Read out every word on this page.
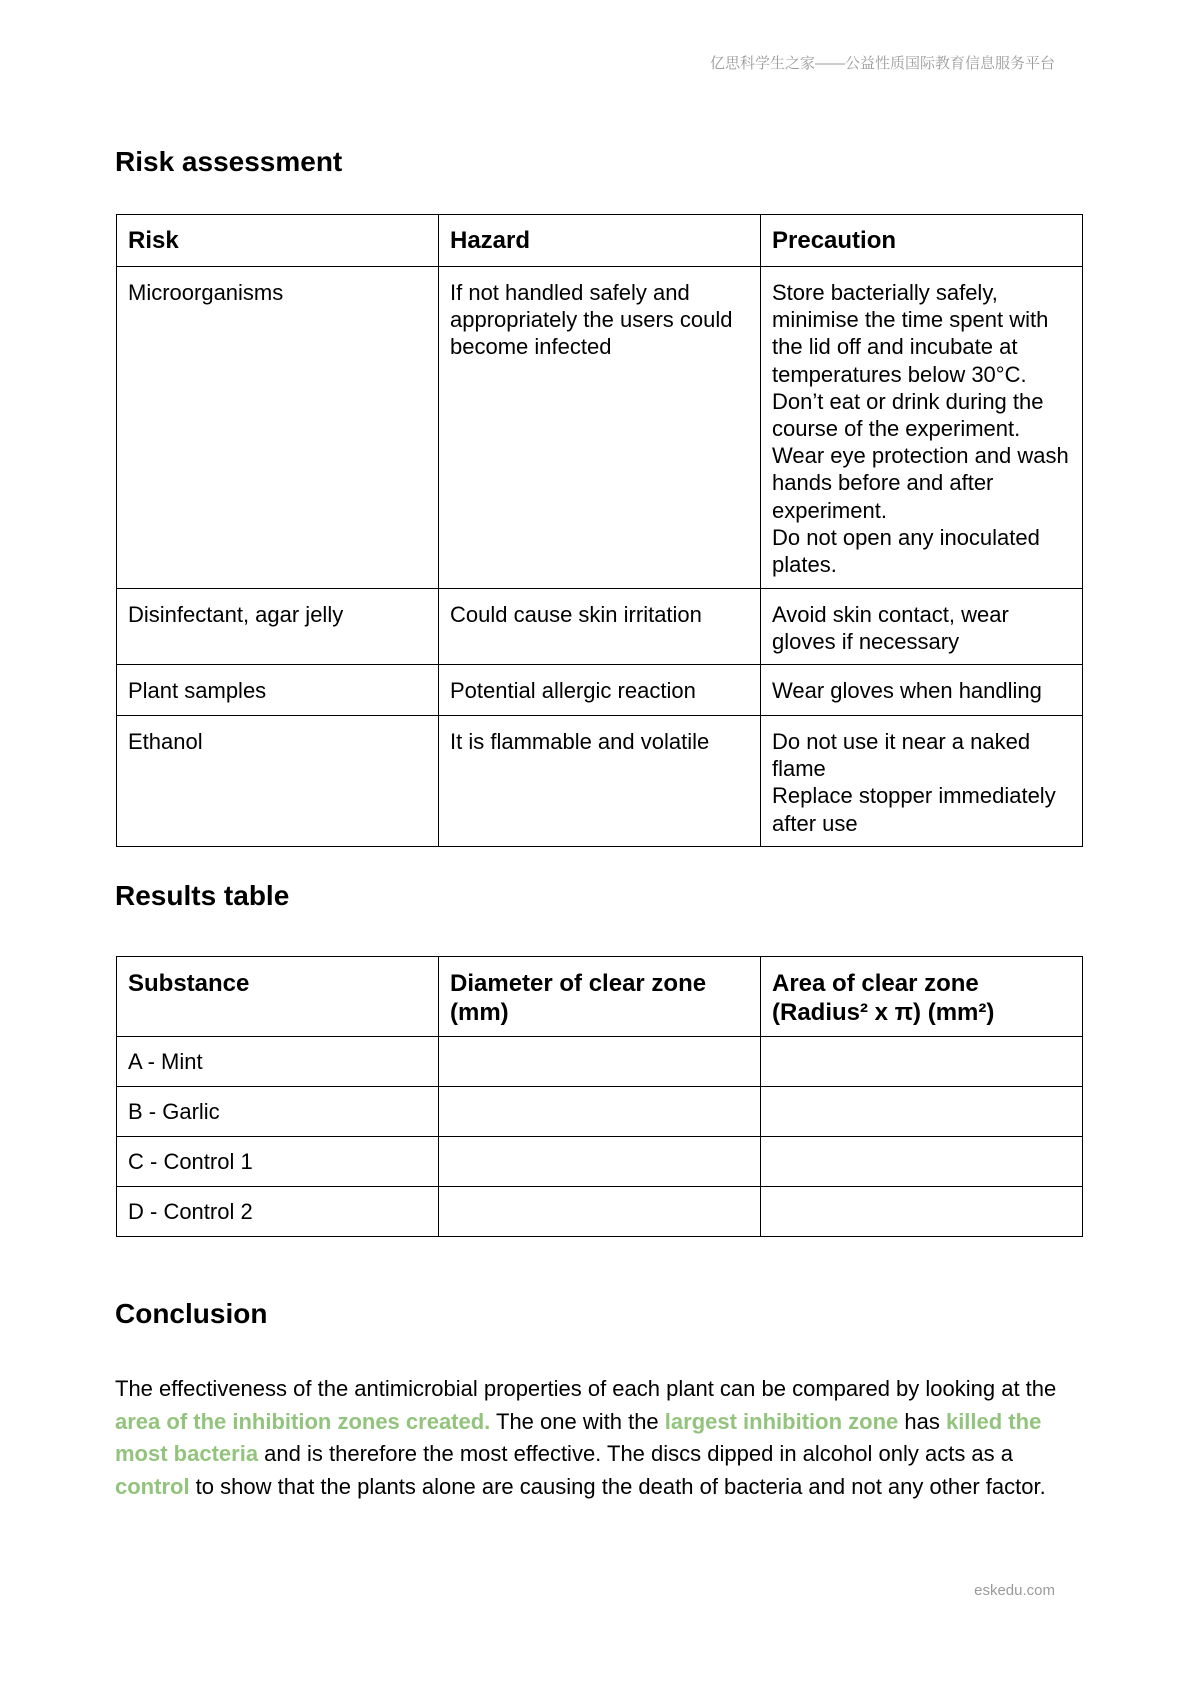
亿思科学生之家——公益性质国际教育信息服务平台
Risk assessment
Risk	Hazard	Precaution
Microorganisms	If not handled safely and appropriately the users could become infected	Store bacterially safely, minimise the time spent with the lid off and incubate at temperatures below 30°C.
Don’t eat or drink during the course of the experiment.
Wear eye protection and wash hands before and after experiment.
Do not open any inoculated plates.

Disinfectant, agar jelly	Could cause skin irritation	Avoid skin contact, wear gloves if necessary

Plant samples	Potential allergic reaction	Wear gloves when handling

Ethanol	It is flammable and volatile	Do not use it near a naked flame
Replace stopper immediately after use
Results table
Substance	Diameter of clear zone (mm)	Area of clear zone (Radius² x π) (mm²)
A - Mint		
B - Garlic		
C - Control 1		
D - Control 2		
Conclusion

The effectiveness of the antimicrobial properties of each plant can be compared by looking at the area of the inhibition zones created. The one with the largest inhibition zone has killed the most bacteria and is therefore the most effective. The discs dipped in alcohol only acts as a control to show that the plants alone are causing the death of bacteria and not any other factor.

eskedu.com
